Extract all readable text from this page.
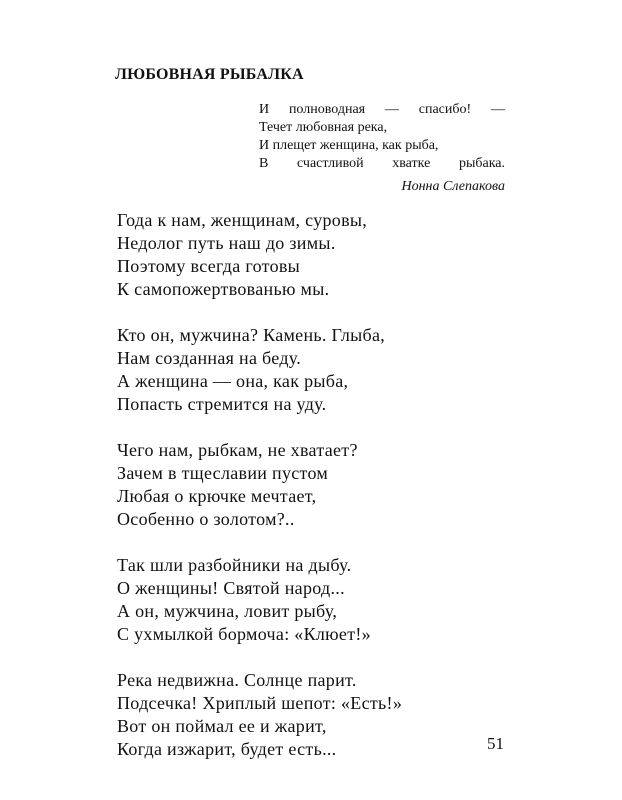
ЛЮБОВНАЯ РЫБАЛКА
И полноводная — спасибо! —
Течет любовная река,
И плещет женщина, как рыба,
В счастливой хватке рыбака.
Нонна Слепакова
Года к нам, женщинам, суровы,
Недолог путь наш до зимы.
Поэтому всегда готовы
К самопожертвованью мы.
Кто он, мужчина? Камень. Глыба,
Нам созданная на беду.
А женщина — она, как рыба,
Попасть стремится на уду.
Чего нам, рыбкам, не хватает?
Зачем в тщеславии пустом
Любая о крючке мечтает,
Особенно о золотом?..
Так шли разбойники на дыбу.
О женщины! Святой народ...
А он, мужчина, ловит рыбу,
С ухмылкой бормоча: «Клюет!»
Река недвижна. Солнце парит.
Подсечка! Хриплый шепот: «Есть!»
Вот он поймал ее и жарит,
Когда изжарит, будет есть...	51
